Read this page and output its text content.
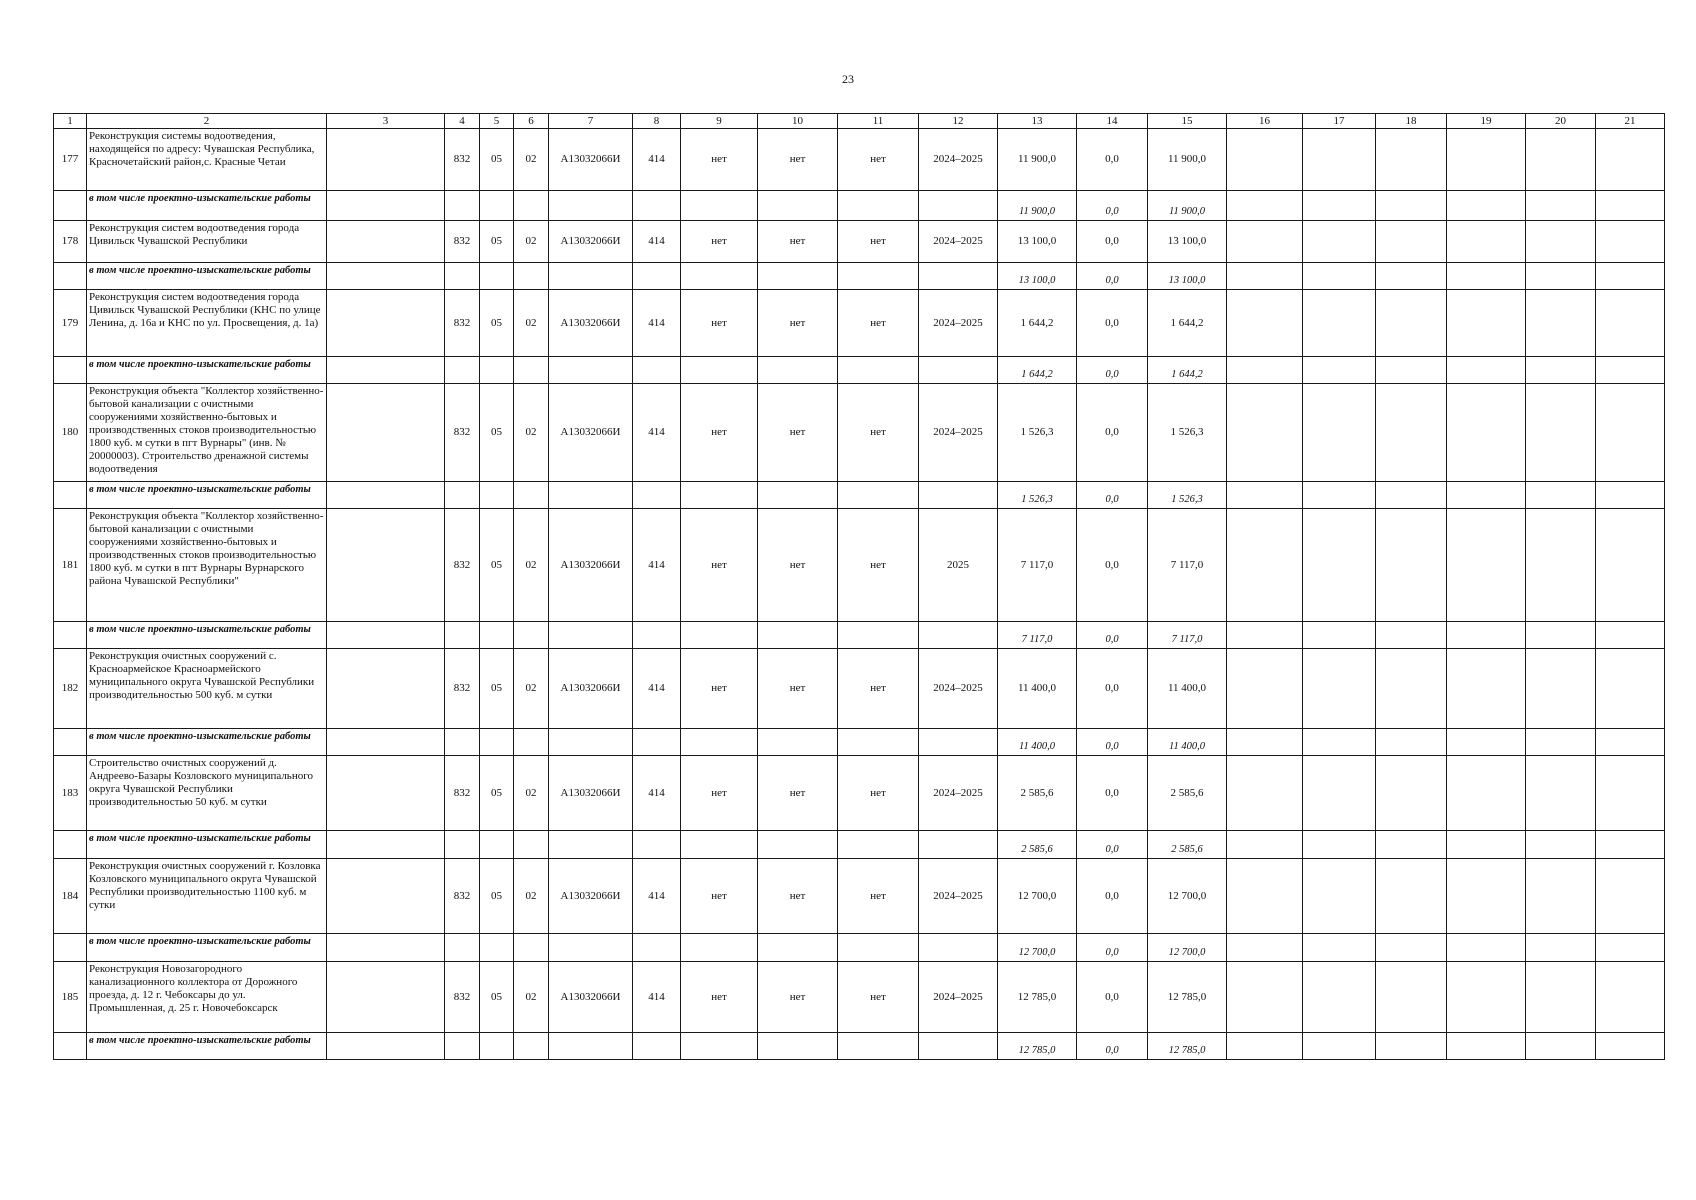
23
1	2	3	4	5	6	7	8	9	10	11	12	13	14	15	16	17	18	19	20	21
177	Реконструкция системы водоотведения, находящейся по адресу: Чувашская Республика, Красночетайский район,с. Красные Четаи		832	05	02	А13032066И	414	нет	нет	нет	2024–2025	11 900,0	0,0	11 900,0						
	в том числе проектно-изыскательские работы											11 900,0	0,0	11 900,0						
178	Реконструкция систем водоотведения города Цивильск Чувашской Республики		832	05	02	А13032066И	414	нет	нет	нет	2024–2025	13 100,0	0,0	13 100,0						
	в том числе проектно-изыскательские работы											13 100,0	0,0	13 100,0						
179	Реконструкция систем водоотведения города Цивильск Чувашской Республики (КНС по улице Ленина, д. 16а и КНС по ул. Просвещения, д. 1а)		832	05	02	А13032066И	414	нет	нет	нет	2024–2025	1 644,2	0,0	1 644,2						
	в том числе проектно-изыскательские работы											1 644,2	0,0	1 644,2						
180	Реконструкция объекта "Коллектор хозяйственно-бытовой канализации с очистными сооружениями хозяйственно-бытовых и производственных стоков производительностью 1800 куб. м сутки в пгт Вурнары" (инв. № 20000003). Строительство дренажной системы водоотведения		832	05	02	А13032066И	414	нет	нет	нет	2024–2025	1 526,3	0,0	1 526,3						
	в том числе проектно-изыскательские работы											1 526,3	0,0	1 526,3						
181	Реконструкция объекта "Коллектор хозяйственно-бытовой канализации с очистными сооружениями хозяйственно-бытовых и производственных стоков производительностью 1800 куб. м сутки в пгт Вурнары Вурнарского района Чувашской Республики"		832	05	02	А13032066И	414	нет	нет	нет	2025	7 117,0	0,0	7 117,0						
	в том числе проектно-изыскательские работы											7 117,0	0,0	7 117,0						
182	Реконструкция очистных сооружений с. Красноармейское Красноармейского муниципального округа Чувашской Республики производительностью 500 куб. м сутки		832	05	02	А13032066И	414	нет	нет	нет	2024–2025	11 400,0	0,0	11 400,0						
	в том числе проектно-изыскательские работы											11 400,0	0,0	11 400,0						
183	Строительство очистных сооружений д. Андреево-Базары Козловского муниципального округа Чувашской Республики производительностью 50 куб. м сутки		832	05	02	А13032066И	414	нет	нет	нет	2024–2025	2 585,6	0,0	2 585,6						
	в том числе проектно-изыскательские работы											2 585,6	0,0	2 585,6						
184	Реконструкция очистных сооружений г. Козловка Козловского муниципального округа Чувашской Республики производительностью 1100 куб. м сутки		832	05	02	А13032066И	414	нет	нет	нет	2024–2025	12 700,0	0,0	12 700,0						
	в том числе проектно-изыскательские работы											12 700,0	0,0	12 700,0						
185	Реконструкция Новозагородного канализационного коллектора от Дорожного проезда, д. 12 г. Чебоксары до ул. Промышленная, д. 25 г. Новочебоксарск		832	05	02	А13032066И	414	нет	нет	нет	2024–2025	12 785,0	0,0	12 785,0						
	в том числе проектно-изыскательские работы											12 785,0	0,0	12 785,0						
